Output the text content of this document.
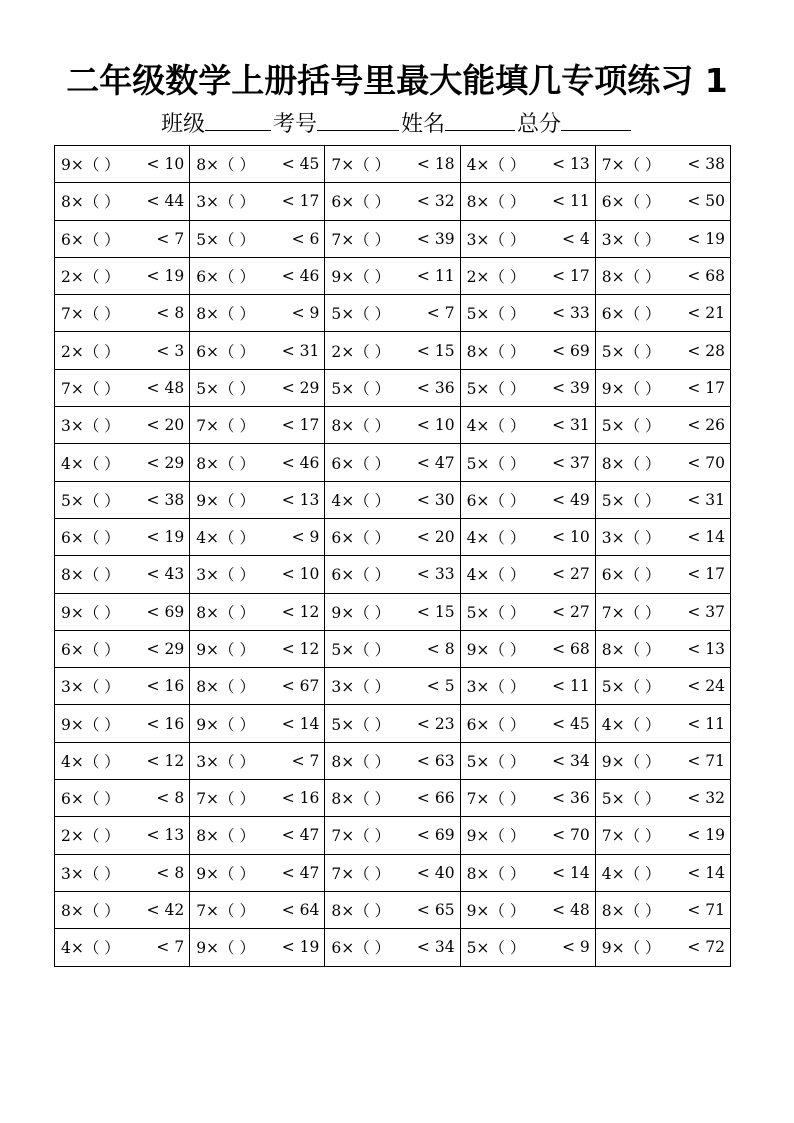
二年级数学上册括号里最大能填几专项练习 1
班级	考号	姓名	总分
9×（ ） < 10	8×（ ） < 45	7×（ ） < 18	4×（ ） < 13	7×（ ） < 38

8×（ ） < 44	3×（ ） < 17	6×（ ） < 32	8×（ ） < 11	6×（ ） < 50

6×（ ） < 7	5×（ ） < 6	7×（ ） < 39	3×（ ） < 4	3×（ ） < 19

2×（ ） < 19	6×（ ） < 46	9×（ ） < 11	2×（ ） < 17	8×（ ） < 68

7×（ ） < 8	8×（ ） < 9	5×（ ） < 7	5×（ ） < 33	6×（ ） < 21

2×（ ） < 3	6×（ ） < 31	2×（ ） < 15	8×（ ） < 69	5×（ ） < 28

7×（ ） < 48	5×（ ） < 29	5×（ ） < 36	5×（ ） < 39	9×（ ） < 17

3×（ ） < 20	7×（ ） < 17	8×（ ） < 10	4×（ ） < 31	5×（ ） < 26

4×（ ） < 29	8×（ ） < 46	6×（ ） < 47	5×（ ） < 37	8×（ ） < 70

5×（ ） < 38	9×（ ） < 13	4×（ ） < 30	6×（ ） < 49	5×（ ） < 31

6×（ ） < 19	4×（ ） < 9	6×（ ） < 20	4×（ ） < 10	3×（ ） < 14

8×（ ） < 43	3×（ ） < 10	6×（ ） < 33	4×（ ） < 27	6×（ ） < 17

9×（ ） < 69	8×（ ） < 12	9×（ ） < 15	5×（ ） < 27	7×（ ） < 37

6×（ ） < 29	9×（ ） < 12	5×（ ） < 8	9×（ ） < 68	8×（ ） < 13

3×（ ） < 16	8×（ ） < 67	3×（ ） < 5	3×（ ） < 11	5×（ ） < 24

9×（ ） < 16	9×（ ） < 14	5×（ ） < 23	6×（ ） < 45	4×（ ） < 11

4×（ ） < 12	3×（ ） < 7	8×（ ） < 63	5×（ ） < 34	9×（ ） < 71

6×（ ） < 8	7×（ ） < 16	8×（ ） < 66	7×（ ） < 36	5×（ ） < 32

2×（ ） < 13	8×（ ） < 47	7×（ ） < 69	9×（ ） < 70	7×（ ） < 19

3×（ ） < 8	9×（ ） < 47	7×（ ） < 40	8×（ ） < 14	4×（ ） < 14

8×（ ） < 42	7×（ ） < 64	8×（ ） < 65	9×（ ） < 48	8×（ ） < 71

4×（ ） < 7	9×（ ） < 19	6×（ ） < 34	5×（ ） < 9	9×（ ） < 72
